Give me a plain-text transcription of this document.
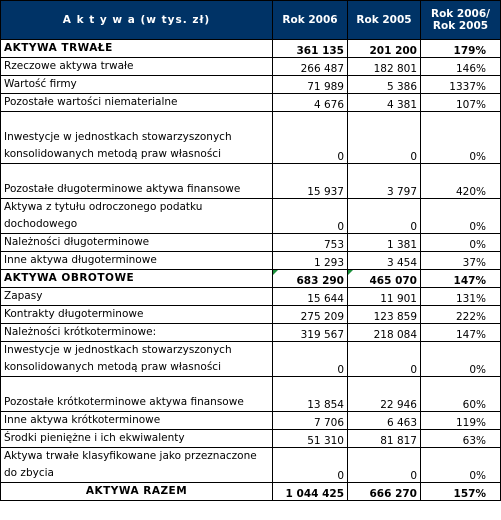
A k t y w a (w tys. zł)	Rok 2006	Rok 2005	Rok 2006/
Rok 2005
AKTYWA TRWAŁE	361 135	201 200	179%
Rzeczowe aktywa trwałe	266 487	182 801	146%
Wartość firmy	71 989	5 386	1337%
Pozostałe wartości niematerialne	4 676	4 381	107%
Inwestycje w jednostkach stowarzyszonych konsolidowanych metodą praw własności	0	0	0%
Pozostałe długoterminowe aktywa finansowe	15 937	3 797	420%
Aktywa z tytułu odroczonego podatku dochodowego	0	0	0%
Należności długoterminowe	753	1 381	0%
Inne aktywa długoterminowe	1 293	3 454	37%
AKTYWA OBROTOWE	683 290	465 070	147%
Zapasy	15 644	11 901	131%
Kontrakty długoterminowe	275 209	123 859	222%
Należności krótkoterminowe:	319 567	218 084	147%
Inwestycje w jednostkach stowarzyszonych konsolidowanych metodą praw własności	0	0	0%
Pozostałe krótkoterminowe aktywa finansowe	13 854	22 946	60%
Inne aktywa krótkoterminowe	7 706	6 463	119%
Środki pieniężne i ich ekwiwalenty	51 310	81 817	63%
Aktywa trwałe klasyfikowane jako przeznaczone do zbycia	0	0	0%
AKTYWA RAZEM	1 044 425	666 270	157%
